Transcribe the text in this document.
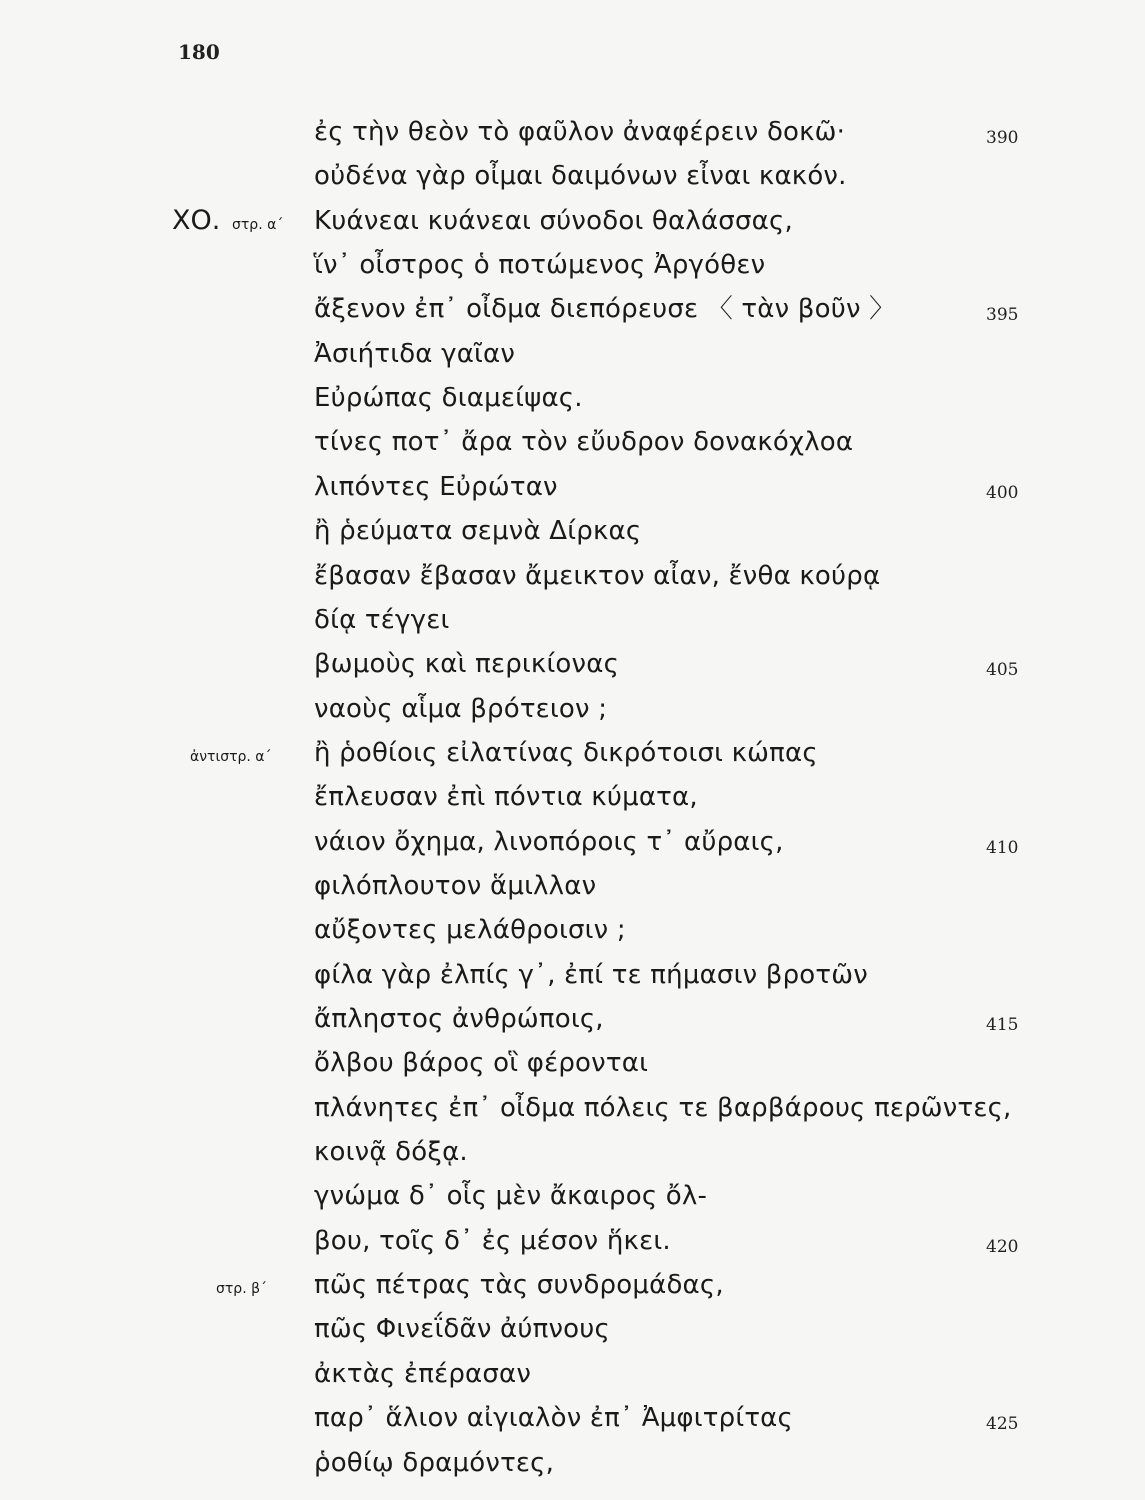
180
ἐς τὴν θεὸν τὸ φαῦλον ἀναφέρειν δοκῶ·	390
οὐδένα γὰρ οἶμαι δαιμόνων εἶναι κακόν.
ΧΟ. στρ. α΄ Κυάνεαι κυάνεαι σύνοδοι θαλάσσας,
ἵν᾽ οἶστρος ὁ ποτώμενος Ἀργόθεν
ἄξενον ἐπ᾽ οἶδμα διεπόρευσε 〈 τὰν βοῦν 〉	395
Ἀσιήτιδα γαῖαν
Εὐρώπας διαμείψας.
τίνες ποτ᾽ ἄρα τὸν εὔυδρον δονακόχλοα
λιπόντες Εὐρώταν	400
ἢ ῥεύματα σεμνὰ Δίρκας
ἔβασαν ἔβασαν ἄμεικτον αἶαν, ἔνθα κούρᾳ
δίᾳ τέγγει
βωμοὺς καὶ περικίονας	405
ναοὺς αἷμα βρότειον ;
ἀντιστρ. α΄ ἢ ῥοθίοις εἰλατίνας δικρότοισι κώπας
ἔπλευσαν ἐπὶ πόντια κύματα,
νάιον ὄχημα, λινοπόροις τ᾽ αὔραις,	410
φιλόπλουτον ἅμιλλαν
αὔξοντες μελάθροισιν ;
φίλα γὰρ ἐλπίς γ᾽, ἐπί τε πήμασιν βροτῶν
ἄπληστος ἀνθρώποις,	415
ὄλβου βάρος οἳ φέρονται
πλάνητες ἐπ᾽ οἶδμα πόλεις τε βαρβάρους περῶντες,
κοινᾷ δόξᾳ.
γνώμα δ᾽ οἷς μὲν ἄκαιρος ὄλ-
βου, τοῖς δ᾽ ἐς μέσον ἥκει.	420
στρ. β΄ πῶς πέτρας τὰς συνδρομάδας,
πῶς Φινεΐδᾶν ἀύπνους
ἀκτὰς ἐπέρασαν
παρ᾽ ἅλιον αἰγιαλὸν ἐπ᾽ Ἀμφιτρίτας	425
ῥοθίῳ δραμόντες,
